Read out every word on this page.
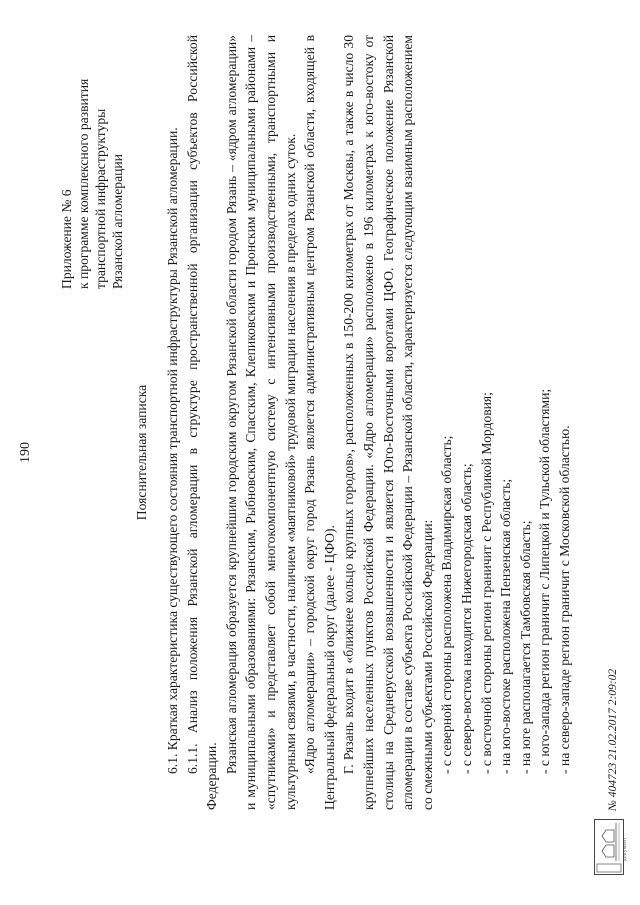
190
Приложение № 6 к программе комплексного развития транспортной инфраструктуры Рязанской агломерации
Пояснительная записка 6.1. Краткая характеристика существующего состояния транспортной инфраструктуры Рязанской агломерации. 6.1.1. Анализ положения Рязанской агломерации в структуре пространственной организации субъектов Российской Федерации.

Рязанская агломерация образуется крупнейшим городским округом Рязанской области городом Рязань – «ядром агломерации» и муниципальными образованиями: Рязанским, Рыбновским, Спасским, Клепиковским и Пронским муниципальными районами – «спутниками» и представляет собой многокомпонентную систему с интенсивными производственными, транспортными и культурными связями, в частности, наличием «маятниковой» трудовой миграции населения в пределах одних суток. «Ядро агломерации» – городской округ город Рязань является административным центром Рязанской области, входящей в Центральный федеральный округ (далее - ЦФО). Г. Рязань входит в «ближнее кольцо крупных городов», расположенных в 150-200 километрах от Москвы, а также в число 30 крупнейших населенных пунктов Российской Федерации. «Ядро агломерации» расположено в 196 километрах к юго-востоку от столицы на Среднерусской возвышенности и является Юго-Восточными воротами ЦФО. Географическое положение Рязанской агломерации в составе субъекта Российской Федерации – Рязанской области, характеризуется следующим взаимным расположением со смежными субъектами Российской Федерации: - с северной стороны расположена Владимирская область; - с северо-востока находится Нижегородская область; - с восточной стороны регион граничит с Республикой Мордовия; - на юго-востоке расположена Пензенская область; - на юге располагается Тамбовская область; - с юго-запада регион граничит с Липецкой и Тульской областями; - на северо-западе регион граничит с Московской областью.
документ
№ 404723 21.02.2017 2:09:02
